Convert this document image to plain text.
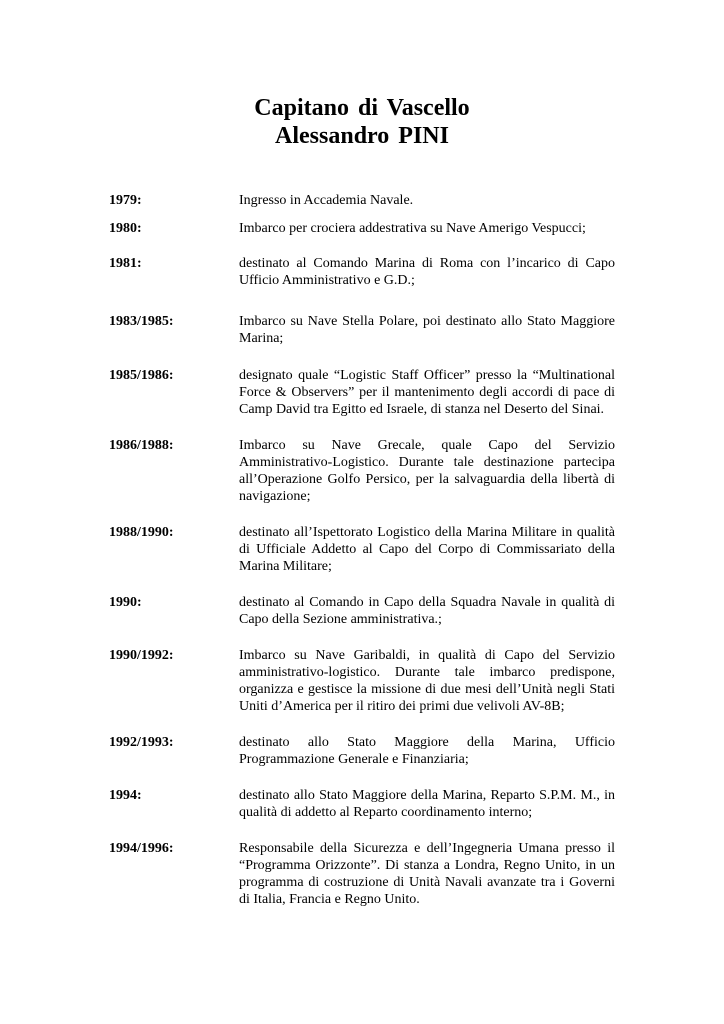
Capitano di Vascello
Alessandro PINI
1979:	Ingresso in Accademia Navale.
1980:	Imbarco per crociera addestrativa su Nave Amerigo Vespucci;
1981:	destinato al Comando Marina di Roma con l’incarico di Capo Ufficio Amministrativo e G.D.;
1983/1985:	Imbarco su Nave Stella Polare, poi destinato allo Stato Maggiore Marina;
1985/1986:	designato quale “Logistic Staff Officer” presso la “Multinational Force & Observers” per il mantenimento degli accordi di pace di Camp David tra Egitto ed Israele, di stanza nel Deserto del Sinai.
1986/1988:	Imbarco su Nave Grecale, quale Capo del Servizio Amministrativo-Logistico. Durante tale destinazione partecipa all’Operazione Golfo Persico, per la salvaguardia della libertà di navigazione;
1988/1990:	destinato all’Ispettorato Logistico della Marina Militare in qualità di Ufficiale Addetto al Capo del Corpo di Commissariato della Marina Militare;
1990:	destinato al Comando in Capo della Squadra Navale in qualità di Capo della Sezione amministrativa.;
1990/1992:	Imbarco su Nave Garibaldi, in qualità di Capo del Servizio amministrativo-logistico. Durante tale imbarco predispone, organizza e gestisce la missione di due mesi dell’Unità negli Stati Uniti d’America per il ritiro dei primi due velivoli AV-8B;
1992/1993:	destinato allo Stato Maggiore della Marina, Ufficio Programmazione Generale e Finanziaria;
1994:	destinato allo Stato Maggiore della Marina, Reparto S.P.M. M., in qualità di addetto al Reparto coordinamento interno;
1994/1996:	Responsabile della Sicurezza e dell’Ingegneria Umana presso il “Programma Orizzonte”. Di stanza a Londra, Regno Unito, in un programma di costruzione di Unità Navali avanzate tra i Governi di Italia, Francia e Regno Unito.
